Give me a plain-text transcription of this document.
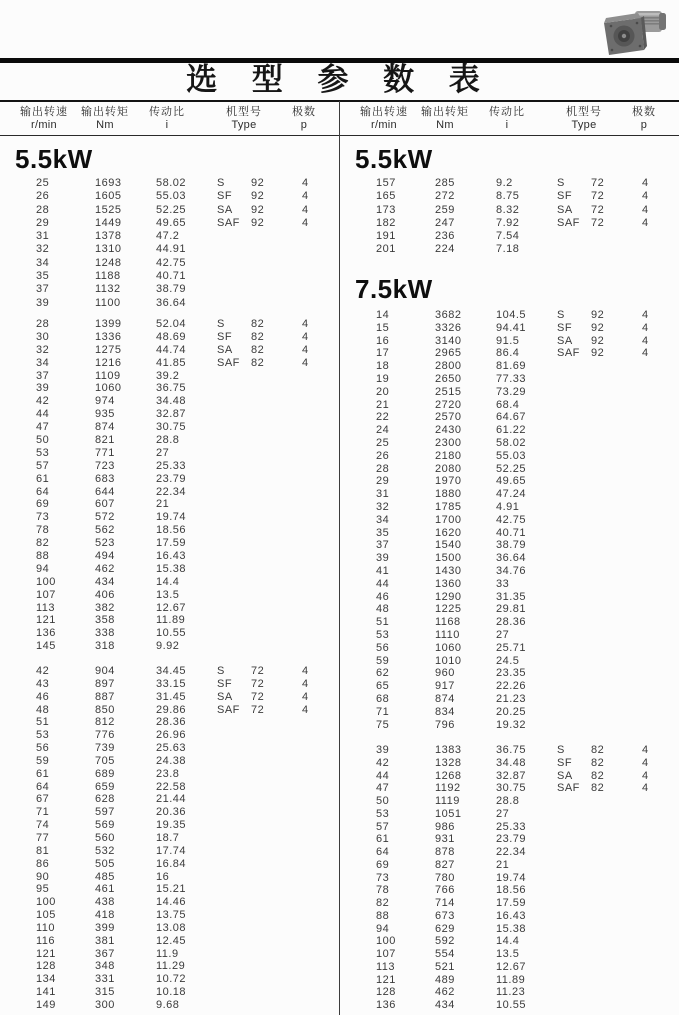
选 型 参 数 表
输出转速
r/min
输出转矩
Nm
传动比
i
机型号
Type
极数
p
输出转速
r/min
输出转矩
Nm
传动比
i
机型号
Type
极数
p
5.5kW	5.5kW
7.5kW
25	1693	58.02	S 92	4
26	1605	55.03	SF 92	4
28	1525	52.25	SA 92	4
29	1449	49.65	SAF 92	4
31	1378	47.2
32	1310	44.91
34	1248	42.75
35	1188	40.71
37	1132	38.79
39	1100	36.64
28	1399	52.04	S 82	4
30	1336	48.69	SF 82	4
32	1275	44.74	SA 82	4
34	1216	41.85	SAF 82	4
37	1109	39.2
39	1060	36.75
42	974	34.48
44	935	32.87
47	874	30.75
50	821	28.8
53	771	27
57	723	25.33
61	683	23.79
64	644	22.34
69	607	21
73	572	19.74
78	562	18.56
82	523	17.59
88	494	16.43
94	462	15.38
100	434	14.4
107	406	13.5
113	382	12.67
121	358	11.89
136	338	10.55
145	318	9.92
42	904	34.45	S 72	4
43	897	33.15	SF 72	4
46	887	31.45	SA 72	4
48	850	29.86	SAF 72	4
51	812	28.36
53	776	26.96
56	739	25.63
59	705	24.38
61	689	23.8
64	659	22.58
67	628	21.44
71	597	20.36
74	569	19.35
77	560	18.7
81	532	17.74
86	505	16.84
90	485	16
95	461	15.21
100	438	14.46
105	418	13.75
110	399	13.08
116	381	12.45
121	367	11.9
128	348	11.29
134	331	10.72
141	315	10.18
149	300	9.68
157	285	9.2	S 72	4
165	272	8.75	SF 72	4
173	259	8.32	SA 72	4
182	247	7.92	SAF 72	4
191	236	7.54
201	224	7.18
14	3682	104.5	S 92	4
15	3326	94.41	SF 92	4
16	3140	91.5	SA 92	4
17	2965	86.4	SAF 92	4
18	2800	81.69
19	2650	77.33
20	2515	73.29
21	2720	68.4
22	2570	64.67
24	2430	61.22
25	2300	58.02
26	2180	55.03
28	2080	52.25
29	1970	49.65
31	1880	47.24
32	1785	4.91
34	1700	42.75
35	1620	40.71
37	1540	38.79
39	1500	36.64
41	1430	34.76
44	1360	33
46	1290	31.35
48	1225	29.81
51	1168	28.36
53	1110	27
56	1060	25.71
59	1010	24.5
62	960	23.35
65	917	22.26
68	874	21.23
71	834	20.25
75	796	19.32
39	1383	36.75	S 82	4
42	1328	34.48	SF 82	4
44	1268	32.87	SA 82	4
47	1192	30.75	SAF 82	4
50	1119	28.8
53	1051	27
57	986	25.33
61	931	23.79
64	878	22.34
69	827	21
73	780	19.74
78	766	18.56
82	714	17.59
88	673	16.43
94	629	15.38
100	592	14.4
107	554	13.5
113	521	12.67
121	489	11.89
128	462	11.23
136	434	10.55
